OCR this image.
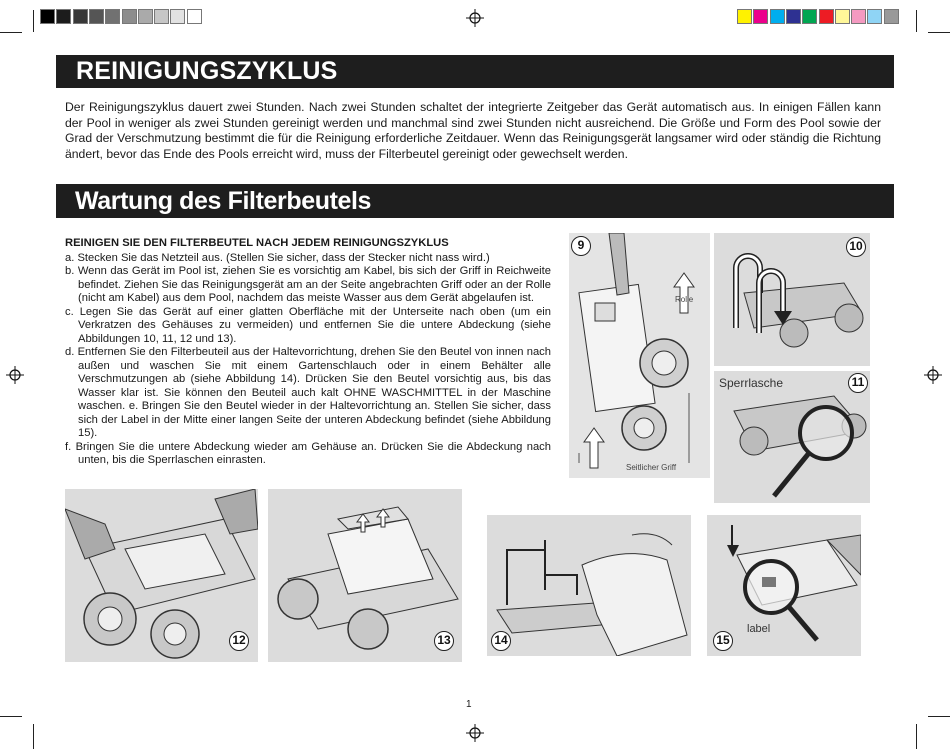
REINIGUNGSZYKLUS
Der Reinigungszyklus dauert zwei Stunden. Nach zwei Stunden schaltet der integrierte Zeitgeber das Gerät automatisch aus. In einigen Fällen kann der Pool in weniger als zwei Stunden gereinigt werden und manchmal sind zwei Stunden nicht ausreichend. Die Größe und Form des Pool sowie der Grad der Verschmutzung bestimmt die für die Reinigung erforderliche Zeitdauer. Wenn das Reinigungsgerät langsamer wird oder ständig die Richtung ändert, bevor das Ende des Pools erreicht wird, muss der Filterbeutel gereinigt oder gewechselt werden.
Wartung des Filterbeutels
REINIGEN SIE DEN FILTERBEUTEL NACH JEDEM REINIGUNGSZYKLUS
a. Stecken Sie das Netzteil aus. (Stellen Sie sicher, dass der Stecker nicht nass wird.)
b. Wenn das Gerät im Pool ist, ziehen Sie es vorsichtig am Kabel, bis sich der Griff in Reichweite befindet. Ziehen Sie das Reinigungsgerät am an der Seite angebrachten Griff oder an der Rolle (nicht am Kabel) aus dem Pool, nachdem das meiste Wasser aus dem Gerät abgelaufen ist.
c. Legen Sie das Gerät auf einer glatten Oberfläche mit der Unterseite nach oben (um ein Verkratzen des Gehäuses zu vermeiden) und entfernen Sie die untere Abdeckung (siehe Abbildungen 10, 11, 12 und 13).
d. Entfernen Sie den Filterbeuteil aus der Haltevorrichtung, drehen Sie den Beutel von innen nach außen und waschen Sie mit einem Gartenschlauch oder in einem Behälter alle Verschmutzungen ab (siehe Abbildung 14). Drücken Sie den Beutel vorsichtig aus, bis das Wasser klar ist. Sie können den Beuteil auch kalt OHNE WASCHMITTEL in der Maschine waschen. e. Bringen Sie den Beutel wieder in der Haltevorrichtung an. Stellen Sie sicher, dass sich der Label in der Mitte einer langen Seite der unteren Abdeckung befindet (siehe Abbildung 15).
f. Bringen Sie die untere Abdeckung wieder am Gehäuse an. Drücken Sie die Abdeckung nach unten, bis die Sperrlaschen einrasten.
9
Rolle
Seitlicher Griff
10
Sperrlasche	11
12	13	14
label
15
1
